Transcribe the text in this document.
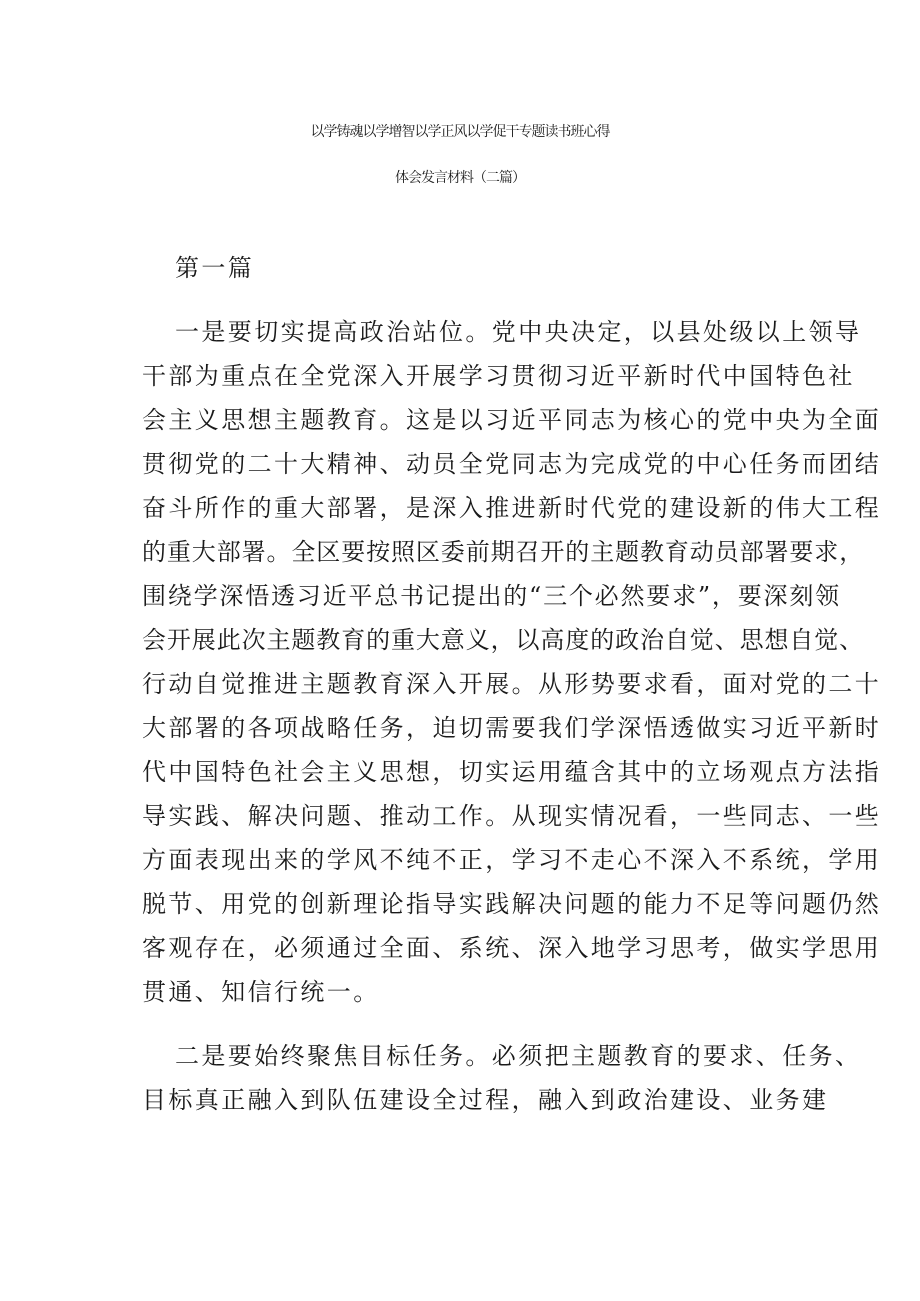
以学铸魂以学增智以学正风以学促干专题读书班心得
体会发言材料（二篇）
第一篇
一是要切实提高政治站位。党中央决定，以县处级以上领导
干部为重点在全党深入开展学习贯彻习近平新时代中国特色社
会主义思想主题教育。这是以习近平同志为核心的党中央为全面
贯彻党的二十大精神、动员全党同志为完成党的中心任务而团结
奋斗所作的重大部署，是深入推进新时代党的建设新的伟大工程
的重大部署。全区要按照区委前期召开的主题教育动员部署要求，
围绕学深悟透习近平总书记提出的“三个必然要求”，要深刻领
会开展此次主题教育的重大意义，以高度的政治自觉、思想自觉、
行动自觉推进主题教育深入开展。从形势要求看，面对党的二十
大部署的各项战略任务，迫切需要我们学深悟透做实习近平新时
代中国特色社会主义思想，切实运用蕴含其中的立场观点方法指
导实践、解决问题、推动工作。从现实情况看，一些同志、一些
方面表现出来的学风不纯不正，学习不走心不深入不系统，学用
脱节、用党的创新理论指导实践解决问题的能力不足等问题仍然
客观存在，必须通过全面、系统、深入地学习思考，做实学思用
贯通、知信行统一。
二是要始终聚焦目标任务。必须把主题教育的要求、任务、
目标真正融入到队伍建设全过程，融入到政治建设、业务建
